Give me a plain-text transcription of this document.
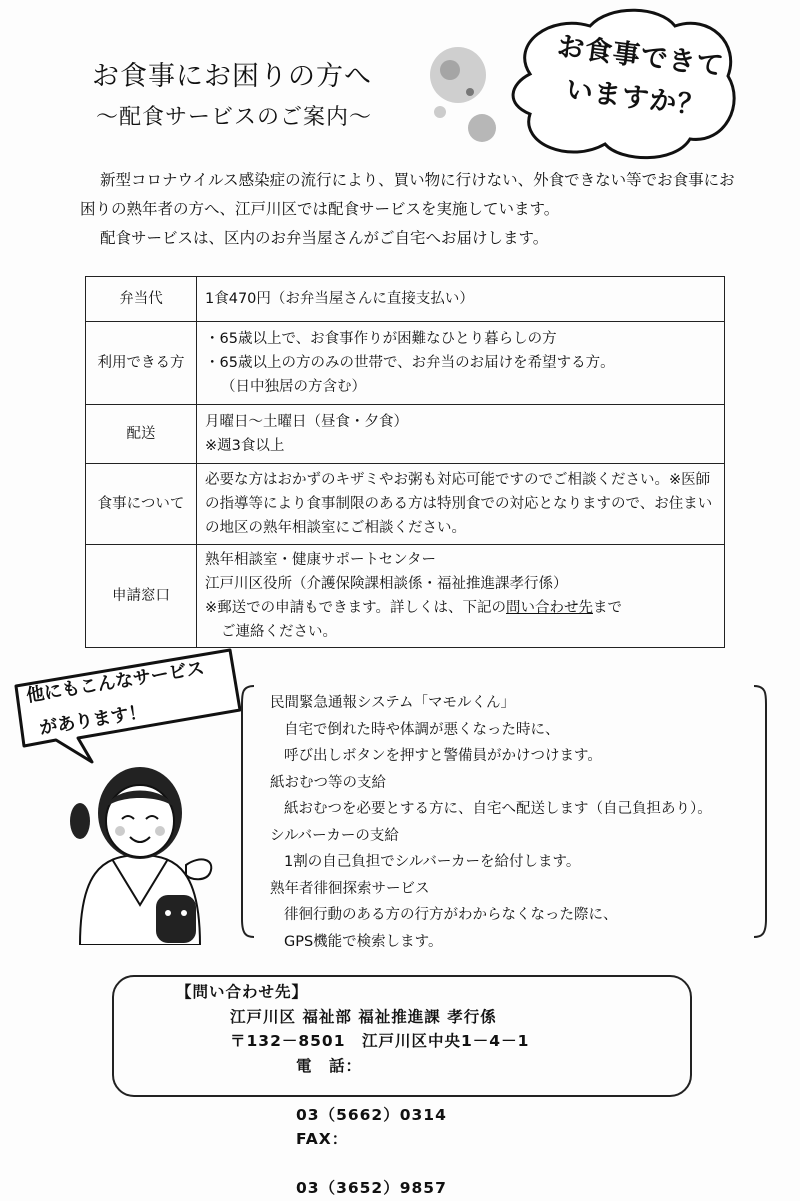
お食事にお困りの方へ
～配食サービスのご案内～
お食事できて
いますか？

新型コロナウイルス感染症の流行により、買い物に行けない、外食できない等でお食事にお困りの熟年者の方へ、江戸川区では配食サービスを実施しています。

配食サービスは、区内のお弁当屋さんがご自宅へお届けします。

弁当代	1食470円（お弁当屋さんに直接支払い）
利用できる方	・65歳以上で、お食事作りが困難なひとり暮らしの方
・65歳以上の方のみの世帯で、お弁当のお届けを希望する方。
（日中独居の方含む）

配送	月曜日～土曜日（昼食・夕食）
※週3食以上

食事について	必要な方はおかずのキザミやお粥も対応可能ですのでご相談ください。※医師の指導等により食事制限のある方は特別食での対応となりますので、お住まいの地区の熟年相談室にご相談ください。
申請窓口	熟年相談室・健康サポートセンター
江戸川区役所（介護保険課相談係・福祉推進課孝行係）
※郵送での申請もできます。詳しくは、下記の問い合わせ先まで
ご連絡ください。
他にもこんなサービス
があります！	民間緊急通報システム「マモルくん」
自宅で倒れた時や体調が悪くなった時に、
呼び出しボタンを押すと警備員がかけつけます。
紙おむつ等の支給
紙おむつを必要とする方に、自宅へ配送します（自己負担あり）。
シルバーカーの支給
1割の自己負担でシルバーカーを給付します。
熟年者徘徊探索サービス
徘徊行動のある方の行方がわからなくなった際に、
GPS機能で検索します。
【問い合わせ先】
江戸川区 福祉部 福祉推進課 孝行係
〒132－8501　江戸川区中央1－4－1
電　話：

03（5662）0314
FAX：

03（3652）9857
